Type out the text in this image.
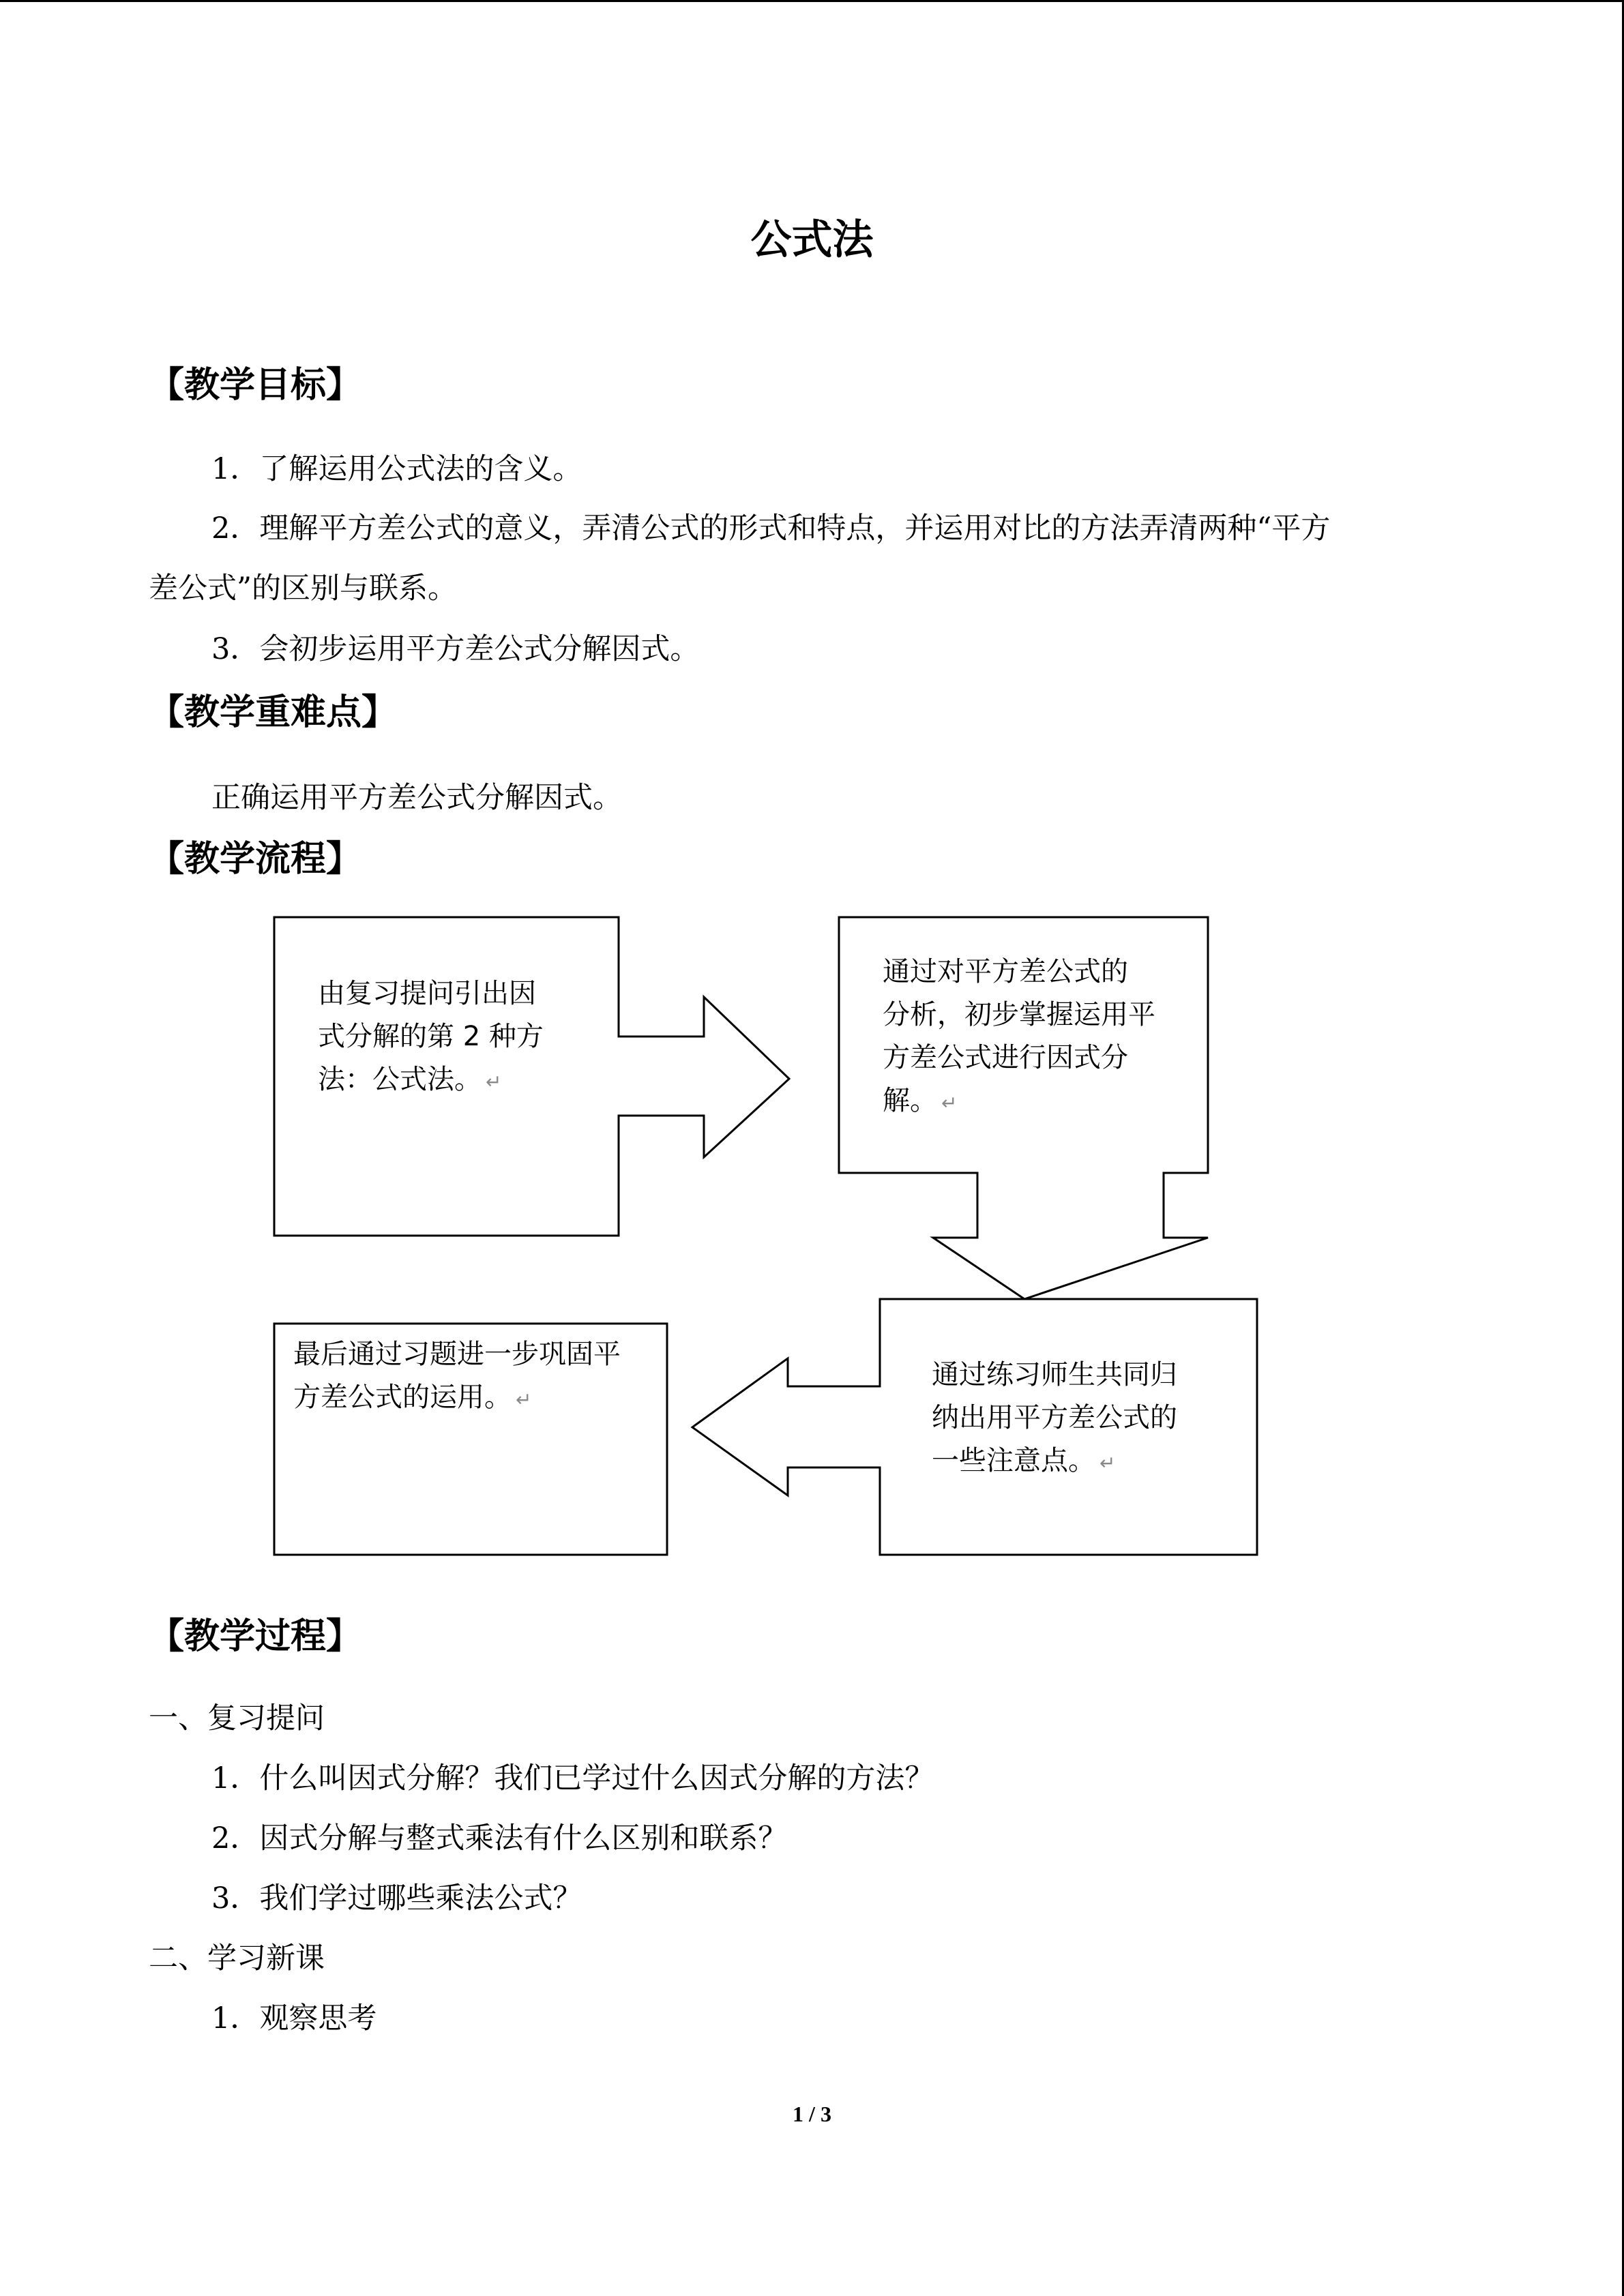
公式法
【教学目标】
1．了解运用公式法的含义。
2．理解平方差公式的意义，弄清公式的形式和特点，并运用对比的方法弄清两种“平方
差公式”的区别与联系。
3．会初步运用平方差公式分解因式。
【教学重难点】
正确运用平方差公式分解因式。
【教学流程】
由复习提问引出因
式分解的第 2 种方
法：公式法。 ↵
通过对平方差公式的
分析，初步掌握运用平
方差公式进行因式分
解。 ↵
通过练习师生共同归
纳出用平方差公式的
一些注意点。 ↵
最后通过习题进一步巩固平
方差公式的运用。 ↵
【教学过程】
一、复习提问
1．什么叫因式分解？我们已学过什么因式分解的方法？
2．因式分解与整式乘法有什么区别和联系？
3．我们学过哪些乘法公式？
二、学习新课
1．观察思考
1 / 3
